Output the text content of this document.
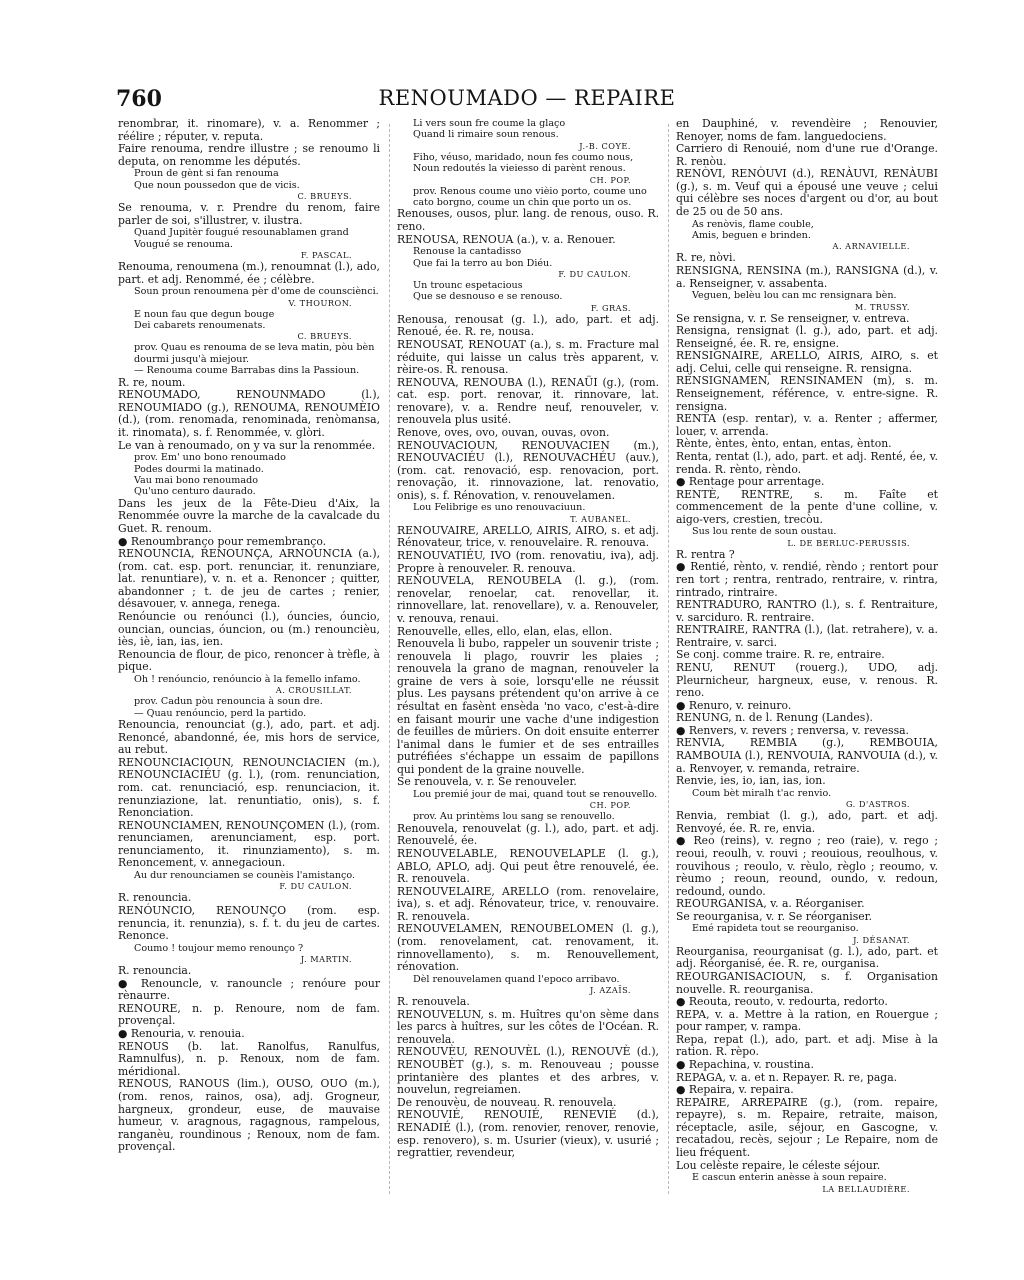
760	RENOUMADO — REPAIRE
renombrar, it. rinomare), v. a. Renommer ; réélire ; réputer, v. reputa.
Faire renouma, rendre illustre ; se renoumo li deputa, on renomme les députés.
Proun de gènt si fan renouma
Que noun poussedon que de vicis.
C. BRUEYS.
Se renouma, v. r. Prendre du renom, faire parler de soi, s'illustrer, v. ilustra.
Quand Jupitèr fougué resounablamen grand
Vougué se renouma.
F. PASCAL.
Renouma, renoumena (m.), renoumnat (l.), ado, part. et adj. Renommé, ée ; célèbre.
Soun proun renoumena pèr d'ome de counsciènci.
V. THOURON.
E noun fau que degun bouge
Dei cabarets renoumenats.
C. BRUEYS.
prov. Quau es renouma de se leva matin, pòu bèn dourmi jusqu'à miejour.
— Renouma coume Barrabas dins la Passioun.
R. re, noum.
RENOUMADO, RENOUNMADO (l.), RENOUMIADO (g.), RENOUMA, RENOUMÈIO (d.), (rom. renomada, renominada, renòmansa, it. rinomata), s. f. Renommée, v. glòri.
Le van à renoumado, on y va sur la renommée.
prov. Em' uno bono renoumado
Podes dourmi la matinado.
Vau mai bono renoumado
Qu'uno centuro daurado.
Dans les jeux de la Fête-Dieu d'Aix, la Renommée ouvre la marche de la cavalcade du Guet. R. renoum.
● Renoumbranço pour remembranço.
RENOUNCIA, RENOUNÇA, ARNOUNCIA (a.), (rom. cat. esp. port. renunciar, it. renunziare, lat. renuntiare), v. n. et a. Renoncer ; quitter, abandonner ; t. de jeu de cartes ; renier, désavouer, v. annega, renega.
Renóuncie ou renóunci (l.), óuncies, óuncio, ouncian, ouncias, óuncion, ou (m.) renouncièu, iès, iè, ian, ias, ien.
Renouncia de flour, de pico, renoncer à trèfle, à pique.
Oh ! renóuncio, renóuncio à la femello infamo.
A. CROUSILLAT.
prov. Cadun pòu renouncia à soun dre.
— Quau renóuncio, perd la partido.
Renouncia, renounciat (g.), ado, part. et adj. Renoncé, abandonné, ée, mis hors de service, au rebut.
RENOUNCIACIOUN, RENOUNCIACIEN (m.), RENOUNCIACIÉU (g. l.), (rom. renunciation, rom. cat. renunciació, esp. renunciacion, it. renunziazione, lat. renuntiatio, onis), s. f. Renonciation.
RENOUNCIAMEN, RENOUNÇOMEN (l.), (rom. renunciamen, arenunciament, esp. port. renunciamento, it. rinunziamento), s. m. Renoncement, v. annegacioun.
Au dur renounciamen se counèis l'amistanço.
F. DU CAULON.
R. renouncia.
RENÓUNCIO, RENOUNÇO (rom. esp. renuncia, it. renunzia), s. f. t. du jeu de cartes. Renonce.
Coumo ! toujour memo renounço ?
J. MARTIN.
R. renouncia.
● Renouncle, v. ranouncle ; renóure pour rènaurre.
RENOURE, n. p. Renoure, nom de fam. provençal.
● Renouria, v. renouia.
RENOUS (b. lat. Ranolfus, Ranulfus, Ramnulfus), n. p. Renoux, nom de fam. méridional.
RENOUS, RANOUS (lim.), OUSO, OUO (m.), (rom. renos, rainos, osa), adj. Grogneur, hargneux, grondeur, euse, de mauvaise humeur, v. aragnous, ragagnous, rampelous, ranganèu, roundinous ; Renoux, nom de fam. provençal.
Li vers soun fre coume la glaço
Quand li rimaire soun renous.
J.-B. COYE.
Fiho, véuso, maridado, noun fes coumo nous, Noun redoutés la vieiesso di parènt renous.
CH. POP.
prov. Renous coume uno vièio porto, coume uno cato borgno, coume un chin que porto un os.
Renouses, ousos, plur. lang. de renous, ouso. R. reno.
RENOUSA, RENOUA (a.), v. a. Renouer.
Renouse la cantadisso
Que fai la terro au bon Diéu.
F. DU CAULON.
Un trounc espetacious
Que se desnouso e se renouso.
F. GRAS.
Renousa, renousat (g. l.), ado, part. et adj. Renoué, ée. R. re, nousa.
RENOUSAT, RENOUAT (a.), s. m. Fracture mal réduite, qui laisse un calus très apparent, v. rèire-os. R. renousa.
RENOUVA, RENOUBA (l.), RENAÜI (g.), (rom. cat. esp. port. renovar, it. rinnovare, lat. renovare), v. a. Rendre neuf, renouveler, v. renouvela plus usité.
Renove, oves, ovo, ouvan, ouvas, ovon.
RENOUVACIOUN, RENOUVACIEN (m.), RENOUVACIÉU (l.), RENOUVACHÉU (auv.), (rom. cat. renovació, esp. renovacion, port. renovação, it. rinnovazione, lat. renovatio, onis), s. f. Rénovation, v. renouvelamen.
Lou Felibrige es uno renouvaciuun.
T. AUBANEL.
RENOUVAIRE, ARELLO, AIRIS, AIRO, s. et adj. Rénovateur, trice, v. renouvelaire. R. renouva.
RENOUVATIÉU, IVO (rom. renovatiu, iva), adj. Propre à renouveler. R. renouva.
RENOUVELA, RENOUBELA (l. g.), (rom. renovelar, renoelar, cat. renovellar, it. rinnovellare, lat. renovellare), v. a. Renouveler, v. renouva, renaui.
Renouvelle, elles, ello, elan, elas, ellon.
Renouvela li bubo, rappeler un souvenir triste ; renouvela li plago, rouvrir les plaies ; renouvela la grano de magnan, renouveler la graine de vers à soie, lorsqu'elle ne réussit plus. Les paysans prétendent qu'on arrive à ce résultat en fasènt ensèda 'no vaco, c'est-à-dire en faisant mourir une vache d'une indigestion de feuilles de mûriers. On doit ensuite enterrer l'animal dans le fumier et de ses entrailles putréfiées s'échappe un essaim de papillons qui pondent de la graine nouvelle.
Se renouvela, v. r. Se renouveler.
Lou premié jour de mai, quand tout se renouvello.
CH. POP.
prov. Au printèms lou sang se renouvello.
Renouvela, renouvelat (g. l.), ado, part. et adj. Renouvelé, ée.
RENOUVELABLE, RENOUVELAPLE (l. g.), ABLO, APLO, adj. Qui peut être renouvelé, ée. R. renouvela.
RENOUVELAIRE, ARELLO (rom. renovelaire, iva), s. et adj. Rénovateur, trice, v. renouvaire. R. renouvela.
RENOUVELAMEN, RENOUBELOMEN (l. g.), (rom. renovelament, cat. renovament, it. rinnovellamento), s. m. Renouvellement, rénovation.
Dèl renouvelamen quand l'epoco arribavo.
J. AZAÏS.
R. renouvela.
RENOUVELUN, s. m. Huîtres qu'on sème dans les parcs à huîtres, sur les côtes de l'Océan. R. renouvela.
RENOUVÈU, RENOUVÈL (l.), RENOUVÈ (d.), RENOUBÈT (g.), s. m. Renouveau ; pousse printanière des plantes et des arbres, v. nouvelun, regreiamen.
De renouvèu, de nouveau. R. renouvela.
RENOUVIÉ, RENOUIÉ, RENEVIÉ (d.), RENADIÉ (l.), (rom. renovier, renover, renovie, esp. renovero), s. m. Usurier (vieux), v. usurié ; regrattier, revendeur,
en Dauphiné, v. revendèire ; Renouvier, Renoyer, noms de fam. languedociens.
Carriero di Renouié, nom d'une rue d'Orange. R. renòu.
RENÒVI, RENÒUVI (d.), RENÀUVI, RENÀUBI (g.), s. m. Veuf qui a épousé une veuve ; celui qui célèbre ses noces d'argent ou d'or, au bout de 25 ou de 50 ans.
As renòvis, flame couble,
Amis, beguen e brinden.
A. ARNAVIELLE.
R. re, nòvi.
RENSIGNA, RENSINA (m.), RANSIGNA (d.), v. a. Renseigner, v. assabenta.
Veguen, belèu lou can mc rensignara bèn.
M. TRUSSY.
Se rensigna, v. r. Se renseigner, v. entreva.
Rensigna, rensignat (l. g.), ado, part. et adj. Renseigné, ée. R. re, ensigne.
RENSIGNAIRE, ARELLO, AIRIS, AIRO, s. et adj. Celui, celle qui renseigne. R. rensigna.
RENSIGNAMEN, RENSINAMEN (m), s. m. Renseignement, référence, v. entre-signe. R. rensigna.
RENTA (esp. rentar), v. a. Renter ; affermer, louer, v. arrenda.
Rènte, èntes, ènto, entan, entas, ènton.
Renta, rentat (l.), ado, part. et adj. Renté, ée, v. renda. R. rènto, rèndo.
● Rentage pour arrentage.
RENTÈ, RENTRE, s. m. Faîte et commencement de la pente d'une colline, v. aigo-vers, crestien, trecòu.
Sus lou rente de soun oustau.
L. DE BERLUC-PERUSSIS.
R. rentra ?
● Rentié, rènto, v. rendié, rèndo ; rentort pour ren tort ; rentra, rentrado, rentraire, v. rintra, rintrado, rintraire.
RENTRADURO, RANTRO (l.), s. f. Rentraiture, v. sarciduro. R. rentraire.
RENTRAIRE, RANTRA (l.), (lat. retrahere), v. a. Rentraire, v. sarci.
Se conj. comme traire. R. re, entraire.
RENU, RENUT (rouerg.), UDO, adj. Pleurnicheur, hargneux, euse, v. renous. R. reno.
● Renuro, v. reinuro.
RENUNG, n. de l. Renung (Landes).
● Renvers, v. revers ; renversa, v. revessa.
RENVIA, REMBIA (g.), REMBOUIA, RAMBOUIA (l.), RENVOUIA, RANVOUIA (d.), v. a. Renvoyer, v. remanda, retraire.
Renvie, ies, io, ian, ias, ion.
Coum bèt miralh t'ac renvio.
G. D'ASTROS.
Renvia, rembiat (l. g.), ado, part. et adj. Renvoyé, ée. R. re, envia.
● Reo (reins), v. regno ; reo (raie), v. rego ; reoui, reoulh, v. rouvi ; reouious, reoulhous, v. rouvihous ; reoulo, v. rèulo, règlo ; reoumo, v. rèumo ; reoun, reound, oundo, v. redoun, redound, oundo.
REOURGANISA, v. a. Réorganiser.
Se reourganisa, v. r. Se réorganiser.
Emé rapideta tout se reourganiso.
J. DÉSANAT.
Reourganisa, reourganisat (g. l.), ado, part. et adj. Réorganisé, ée. R. re, ourganisa.
REOURGANISACIOUN, s. f. Organisation nouvelle. R. reourganisa.
● Reouta, reouto, v. redourta, redorto.
REPA, v. a. Mettre à la ration, en Rouergue ; pour ramper, v. rampa.
Repa, repat (l.), ado, part. et adj. Mise à la ration. R. rèpo.
● Repachina, v. roustina.
REPAGA, v. a. et n. Repayer. R. re, paga.
● Repaira, v. repaira.
REPAIRE, ARREPAIRE (g.), (rom. repaire, repayre), s. m. Repaire, retraite, maison, réceptacle, asile, séjour, en Gascogne, v. recatadou, recès, sejour ; Le Repaire, nom de lieu fréquent.
Lou celèste repaire, le céleste séjour.
E cascun enterin anèsse à soun repaire.
LA BELLAUDIÈRE.
